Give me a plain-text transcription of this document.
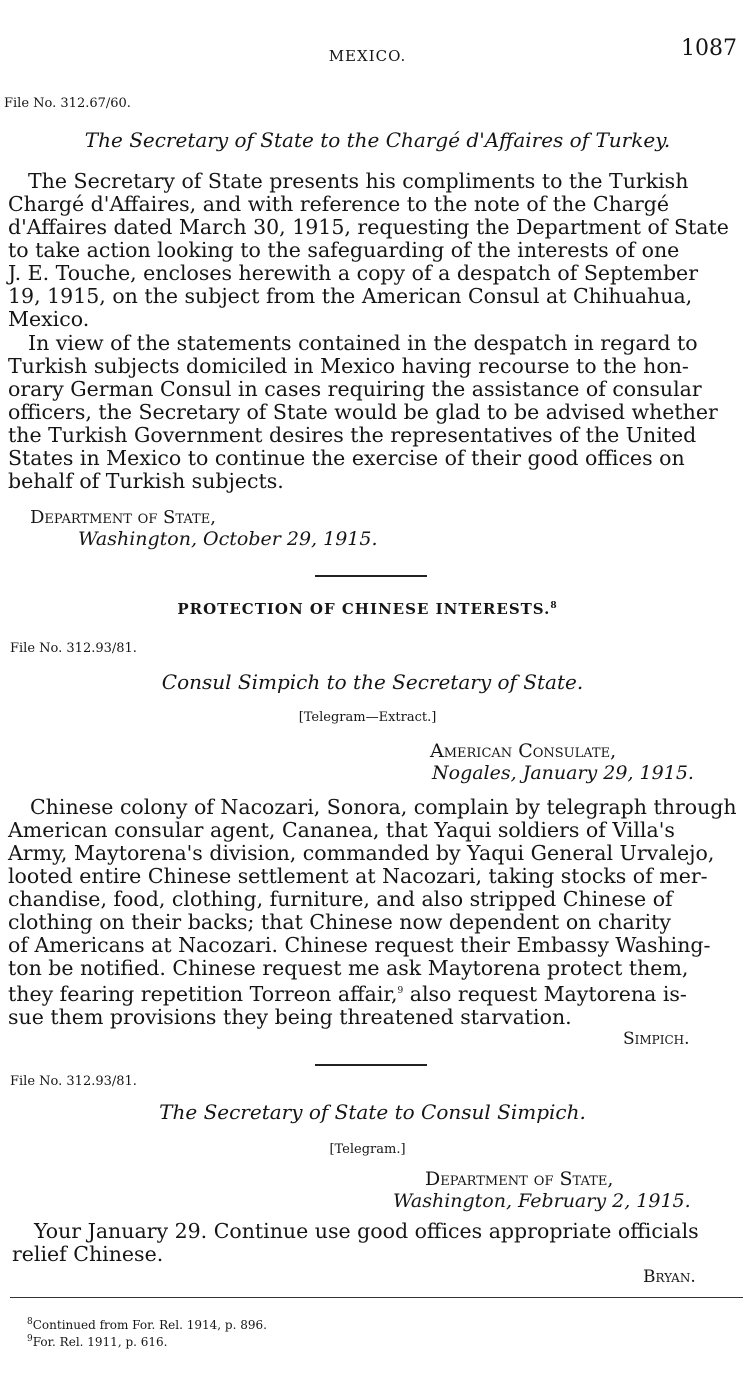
MEXICO.	1087
File No. 312.67/60.
The Secretary of State to the Chargé d'Affaires of Turkey.
The Secretary of State presents his compliments to the Turkish
Chargé d'Affaires, and with reference to the note of the Chargé
d'Affaires dated March 30, 1915, requesting the Department of State
to take action looking to the safeguarding of the interests of one
J. E. Touche, encloses herewith a copy of a despatch of September
19, 1915, on the subject from the American Consul at Chihuahua,
Mexico.
In view of the statements contained in the despatch in regard to
Turkish subjects domiciled in Mexico having recourse to the hon-
orary German Consul in cases requiring the assistance of consular
officers, the Secretary of State would be glad to be advised whether
the Turkish Government desires the representatives of the United
States in Mexico to continue the exercise of their good offices on
behalf of Turkish subjects.
Department of State,
Washington, October 29, 1915.
PROTECTION OF CHINESE INTERESTS.$^8$
File No. 312.93/81.
Consul Simpich to the Secretary of State.
[Telegram—Extract.]
American Consulate,
Nogales, January 29, 1915.
Chinese colony of Nacozari, Sonora, complain by telegraph through
American consular agent, Cananea, that Yaqui soldiers of Villa's
Army, Maytorena's division, commanded by Yaqui General Urvalejo,
looted entire Chinese settlement at Nacozari, taking stocks of mer-
chandise, food, clothing, furniture, and also stripped Chinese of
clothing on their backs; that Chinese now dependent on charity
of Americans at Nacozari. Chinese request their Embassy Washing-
ton be notified. Chinese request me ask Maytorena protect them,
they fearing repetition Torreon affair,$^9$ also request Maytorena is-
sue them provisions they being threatened starvation.
Simpich.
File No. 312.93/81.
The Secretary of State to Consul Simpich.
[Telegram.]
Department of State,
Washington, February 2, 1915.
Your January 29. Continue use good offices appropriate officials
relief Chinese.
Bryan.
$^8$Continued from For. Rel. 1914, p. 896.
$^9$For. Rel. 1911, p. 616.
